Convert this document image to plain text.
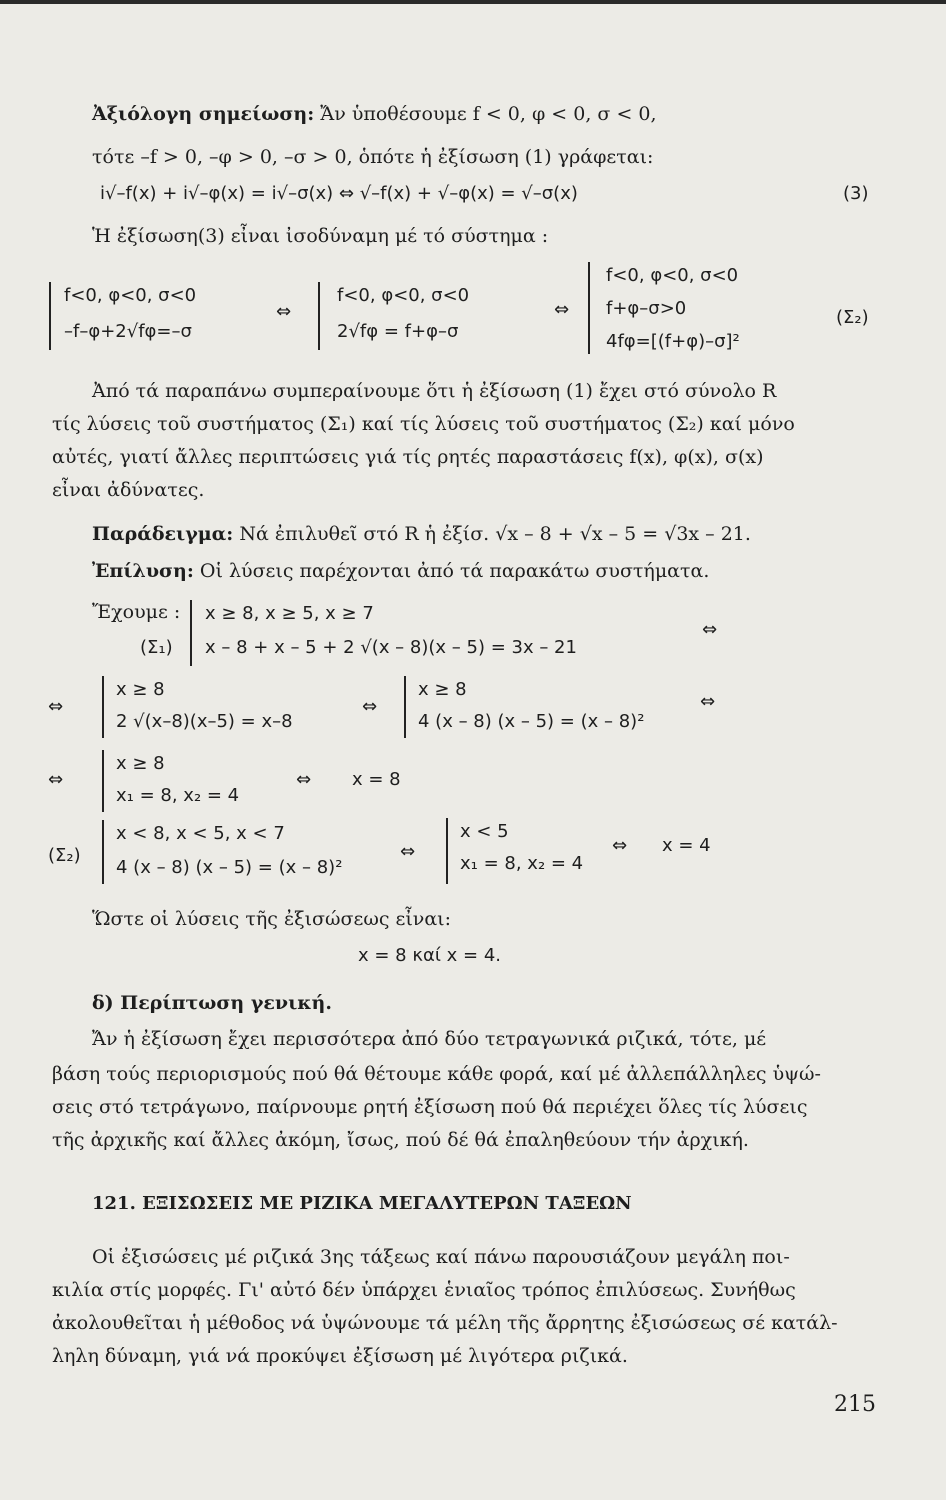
Ἀξιόλογη σημείωση: Ἄν ὑποθέσουμε f < 0, φ < 0, σ < 0,
τότε –f > 0, –φ > 0, –σ > 0, ὁπότε ἡ ἐξίσωση (1) γράφεται:
i√–f(x) + i√–φ(x) = i√–σ(x) ⇔ √–f(x) + √–φ(x) = √–σ(x)	(3)
Ἡ ἐξίσωση(3) εἶναι ἰσοδύναμη μέ τό σύστημα :
f<0, φ<0, σ<0
–f–φ+2√fφ=–σ
⇔
f<0, φ<0, σ<0
2√fφ = f+φ–σ
⇔
f<0, φ<0, σ<0
f+φ–σ>0
4fφ=[(f+φ)–σ]²
(Σ₂)
Ἀπό τά παραπάνω συμπεραίνουμε ὅτι ἡ ἐξίσωση (1) ἔχει στό σύνολο R
τίς λύσεις τοῦ συστήματος (Σ₁) καί τίς λύσεις τοῦ συστήματος (Σ₂) καί μόνο
αὐτές, γιατί ἄλλες περιπτώσεις γιά τίς ρητές παραστάσεις f(x), φ(x), σ(x)
εἶναι ἀδύνατες.
Παράδειγμα: Νά ἐπιλυθεῖ στό R ἡ ἐξίσ. √x – 8 + √x – 5 = √3x – 21.
Ἐπίλυση: Οἱ λύσεις παρέχονται ἀπό τά παρακάτω συστήματα.
Ἔχουμε : x ≥ 8, x ≥ 5, x ≥ 7
(Σ₁) x – 8 + x – 5 + 2 √(x – 8)(x – 5) = 3x – 21
⇔
⇔
x ≥ 8
2 √(x–8)(x–5) = x–8
⇔
x ≥ 8
4 (x – 8) (x – 5) = (x – 8)²
⇔
⇔
x ≥ 8
x₁ = 8, x₂ = 4
⇔ x = 8
(Σ₂)
x < 8, x < 5, x < 7
4 (x – 8) (x – 5) = (x – 8)²
⇔
x < 5
x₁ = 8, x₂ = 4
⇔ x = 4
Ὥστε οἱ λύσεις τῆς ἐξισώσεως εἶναι:
x = 8 καί x = 4.
δ) Περίπτωση γενική.
Ἄν ἡ ἐξίσωση ἔχει περισσότερα ἀπό δύο τετραγωνικά ριζικά, τότε, μέ
βάση τούς περιορισμούς πού θά θέτουμε κάθε φορά, καί μέ ἀλλεπάλληλες ὑψώ-
σεις στό τετράγωνο, παίρνουμε ρητή ἐξίσωση πού θά περιέχει ὅλες τίς λύσεις
τῆς ἀρχικῆς καί ἄλλες ἀκόμη, ἴσως, πού δέ θά ἐπαληθεύουν τήν ἀρχική.
121. ΕΞΙΣΩΣΕΙΣ ΜΕ ΡΙΖΙΚΑ ΜΕΓΑΛΥΤΕΡΩΝ ΤΑΞΕΩΝ
Οἱ ἐξισώσεις μέ ριζικά 3ης τάξεως καί πάνω παρουσιάζουν μεγάλη ποι-
κιλία στίς μορφές. Γι' αὐτό δέν ὑπάρχει ἑνιαῖος τρόπος ἐπιλύσεως. Συνήθως
ἀκολουθεῖται ἡ μέθοδος νά ὑψώνουμε τά μέλη τῆς ἄρρητης ἐξισώσεως σέ κατάλ-
ληλη δύναμη, γιά νά προκύψει ἐξίσωση μέ λιγότερα ριζικά.
215
